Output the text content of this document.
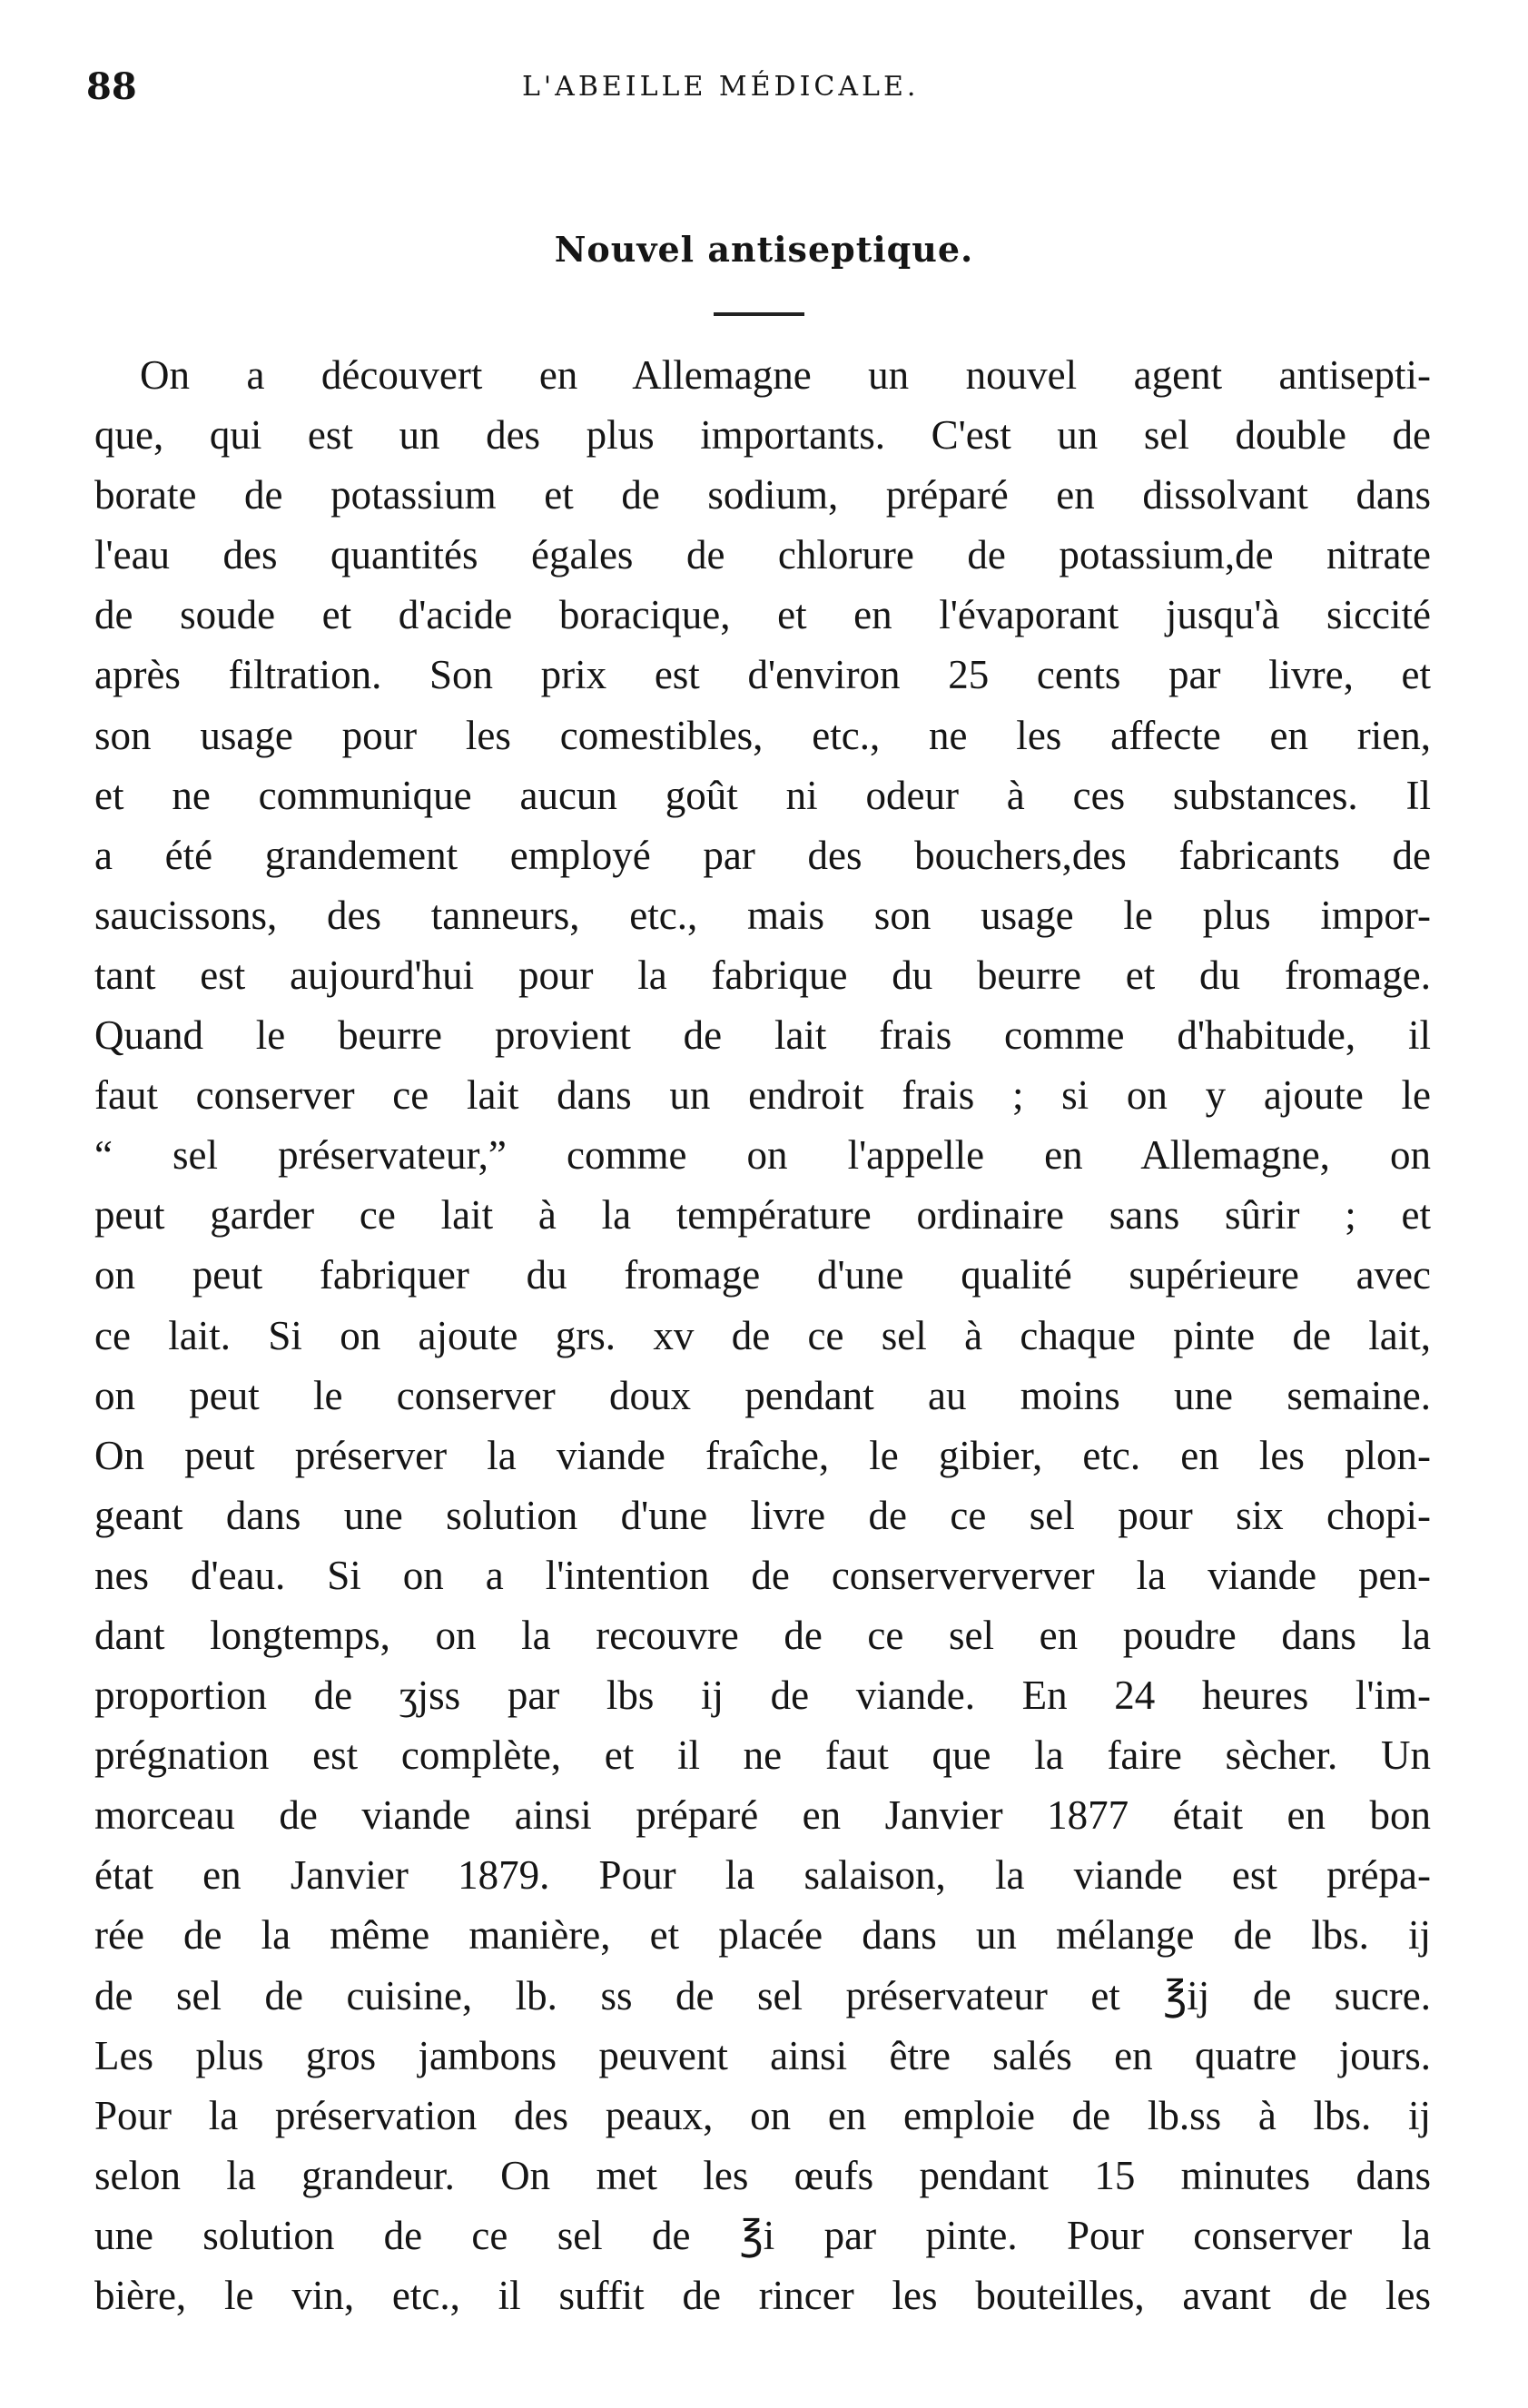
88	L'ABEILLE MÉDICALE.
Nouvel antiseptique.
On a découvert en Allemagne un nouvel agent antisepti-
que, qui est un des plus importants. C'est un sel double de
borate de potassium et de sodium, préparé en dissolvant dans
l'eau des quantités égales de chlorure de potassium,de nitrate
de soude et d'acide boracique, et en l'évaporant jusqu'à siccité
après filtration. Son prix est d'environ 25 cents par livre, et
son usage pour les comestibles, etc., ne les affecte en rien,
et ne communique aucun goût ni odeur à ces substances. Il
a été grandement employé par des bouchers,des fabricants de
saucissons, des tanneurs, etc., mais son usage le plus impor-
tant est aujourd'hui pour la fabrique du beurre et du fromage.
Quand le beurre provient de lait frais comme d'habitude, il
faut conserver ce lait dans un endroit frais ; si on y ajoute le
“ sel préservateur,” comme on l'appelle en Allemagne, on
peut garder ce lait à la température ordinaire sans sûrir ; et
on peut fabriquer du fromage d'une qualité supérieure avec
ce lait. Si on ajoute grs. xv de ce sel à chaque pinte de lait,
on peut le conserver doux pendant au moins une semaine.
On peut préserver la viande fraîche, le gibier, etc. en les plon-
geant dans une solution d'une livre de ce sel pour six chopi-
nes d'eau. Si on a l'intention de conserververver la viande pen-
dant longtemps, on la recouvre de ce sel en poudre dans la
proportion de ʒjss par lbs ij de viande. En 24 heures l'im-
prégnation est complète, et il ne faut que la faire sècher. Un
morceau de viande ainsi préparé en Janvier 1877 était en bon
état en Janvier 1879. Pour la salaison, la viande est prépa-
rée de la même manière, et placée dans un mélange de lbs. ij
de sel de cuisine, lb. ss de sel préservateur et ℥ij de sucre.
Les plus gros jambons peuvent ainsi être salés en quatre jours.
Pour la préservation des peaux, on en emploie de lb.ss à lbs. ij
selon la grandeur. On met les œufs pendant 15 minutes dans
une solution de ce sel de ℥i par pinte. Pour conserver la
bière, le vin, etc., il suffit de rincer les bouteilles, avant de les
